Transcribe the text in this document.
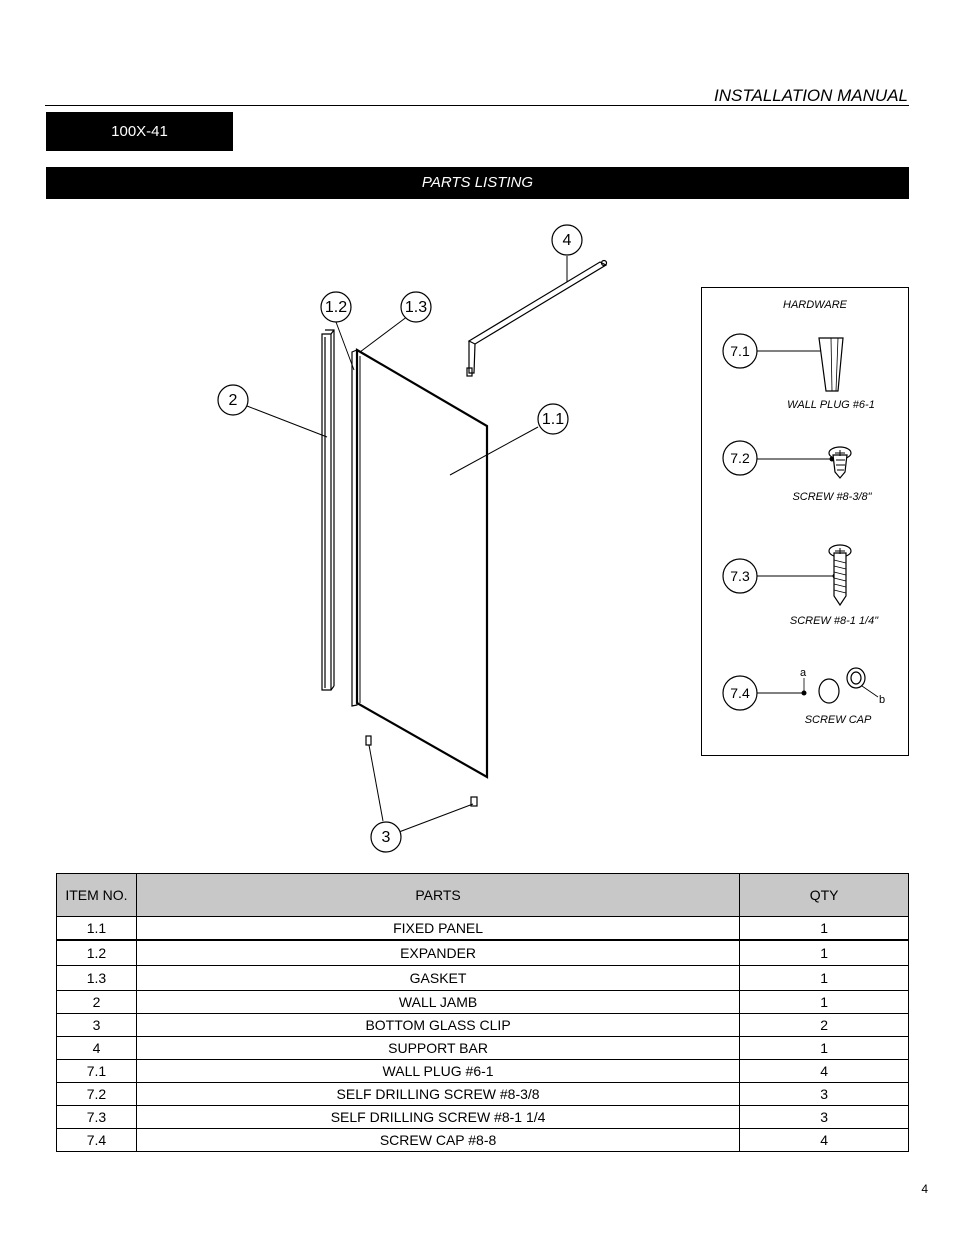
INSTALLATION MANUAL
100X-41
PARTS LISTING
4
1.2	1.3
2
1.1
3
HARDWARE
7.1
WALL PLUG #6-1
7.2
SCREW #8-3/8"
7.3
SCREW #8-1 1/4"
7.4
a
b
SCREW CAP
ITEM NO.	PARTS	QTY
1.1	FIXED PANEL	1
1.2	EXPANDER	1
1.3	GASKET	1
2	WALL JAMB	1
3	BOTTOM GLASS CLIP	2
4	SUPPORT BAR	1
7.1	WALL PLUG #6-1	4
7.2	SELF DRILLING SCREW #8-3/8	3
7.3	SELF DRILLING SCREW #8-1 1/4	3
7.4	SCREW CAP #8-8	4
4
